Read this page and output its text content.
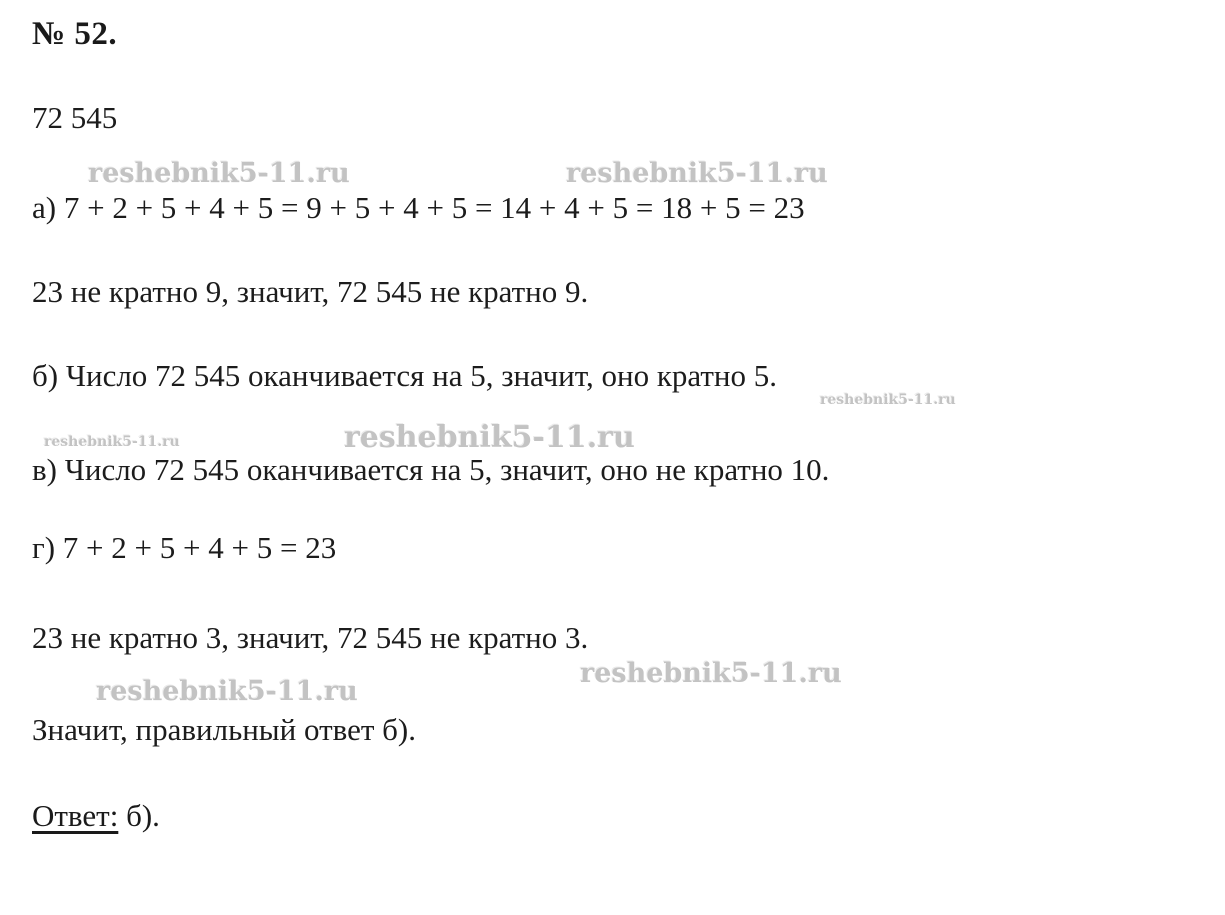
№ 52.
72 545
а) 7 + 2 + 5 + 4 + 5 = 9 + 5 + 4 + 5 = 14 + 4 + 5 = 18 + 5 = 23
23 не кратно 9, значит, 72 545 не кратно 9.
б) Число 72 545 оканчивается на 5, значит, оно кратно 5.
в) Число 72 545 оканчивается на 5, значит, оно не кратно 10.
г) 7 + 2 + 5 + 4 + 5 = 23
23 не кратно 3, значит, 72 545 не кратно 3.
Значит, правильный ответ б).
Ответ: б).
reshebnik5-11.ru	reshebnik5-11.ru
reshebnik5-11.ru
reshebnik5-11.ru
reshebnik5-11.ru
reshebnik5-11.ru
reshebnik5-11.ru
